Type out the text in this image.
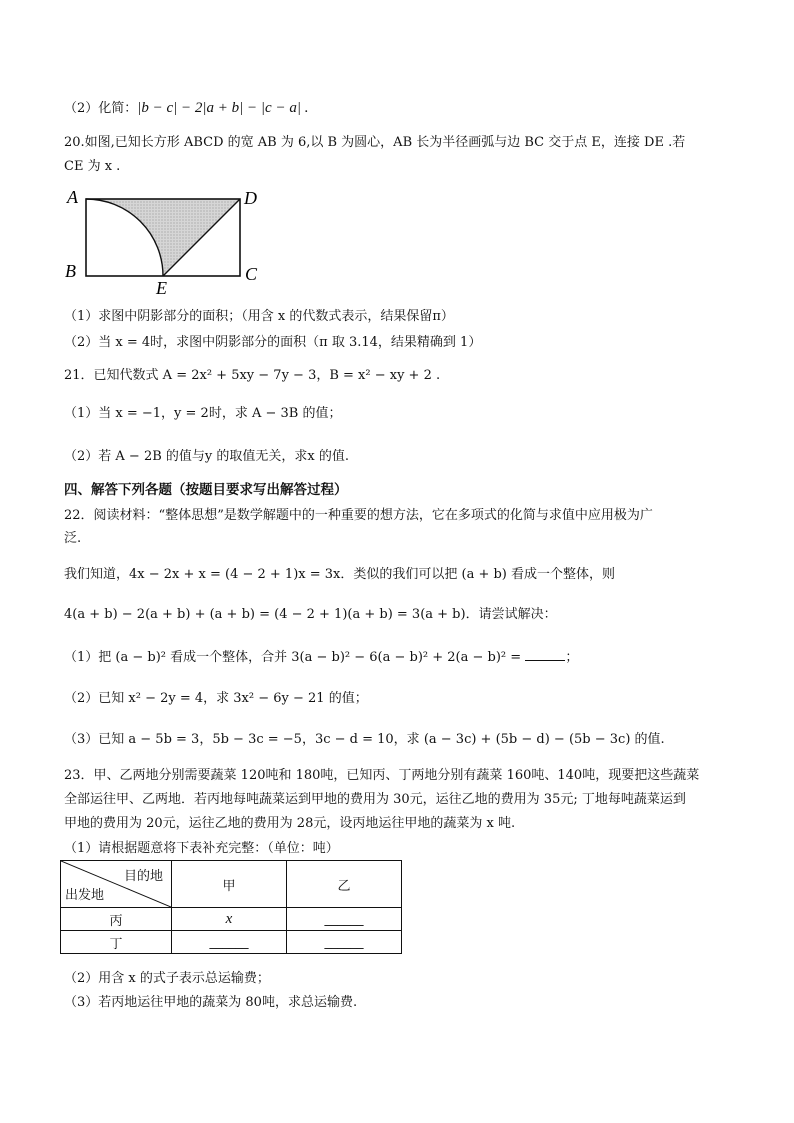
（2）化简：|b − c| − 2|a + b| − |c − a| .
20.如图,已知长方形 ABCD 的宽 AB 为 6,以 B 为圆心，AB 长为半径画弧与边 BC 交于点 E，连接 DE .若
CE 为 x .
A	D
B	C
E
（1）求图中阴影部分的面积；（用含 x 的代数式表示，结果保留π）
（2）当 x = 4时，求图中阴影部分的面积（π 取 3.14，结果精确到 1）
21．已知代数式 A = 2x² + 5xy − 7y − 3，B = x² − xy + 2 .
（1）当 x = −1，y = 2时，求 A − 3B 的值；
（2）若 A − 2B 的值与y 的取值无关，求x 的值.
四、解答下列各题（按题目要求写出解答过程）
22．阅读材料：“整体思想”是数学解题中的一种重要的想方法，它在多项式的化简与求值中应用极为广
泛.
我们知道，4x − 2x + x = (4 − 2 + 1)x = 3x．类似的我们可以把 (a + b) 看成一个整体，则
4(a + b) − 2(a + b) + (a + b) = (4 − 2 + 1)(a + b) = 3(a + b)．请尝试解决：
（1）把 (a − b)² 看成一个整体，合并 3(a − b)² − 6(a − b)² + 2(a − b)² =	；
（2）已知 x² − 2y = 4，求 3x² − 6y − 21 的值；
（3）已知 a − 5b = 3，5b − 3c = −5，3c − d = 10，求 (a − 3c) + (5b − d) − (5b − 3c) 的值.
23．甲、乙两地分别需要蔬菜 120吨和 180吨，已知丙、丁两地分别有蔬菜 160吨、140吨，现要把这些蔬菜
全部运往甲、乙两地．若丙地每吨蔬菜运到甲地的费用为 30元，运往乙地的费用为 35元; 丁地每吨蔬菜运到
甲地的费用为 20元，运往乙地的费用为 28元，设丙地运往甲地的蔬菜为 x 吨.
（1）请根据题意将下表补充完整：（单位：吨）
目的地
出发地	甲	乙
丙	x	______
丁	______	______
（2）用含 x 的式子表示总运输费；
（3）若丙地运往甲地的蔬菜为 80吨，求总运输费.
